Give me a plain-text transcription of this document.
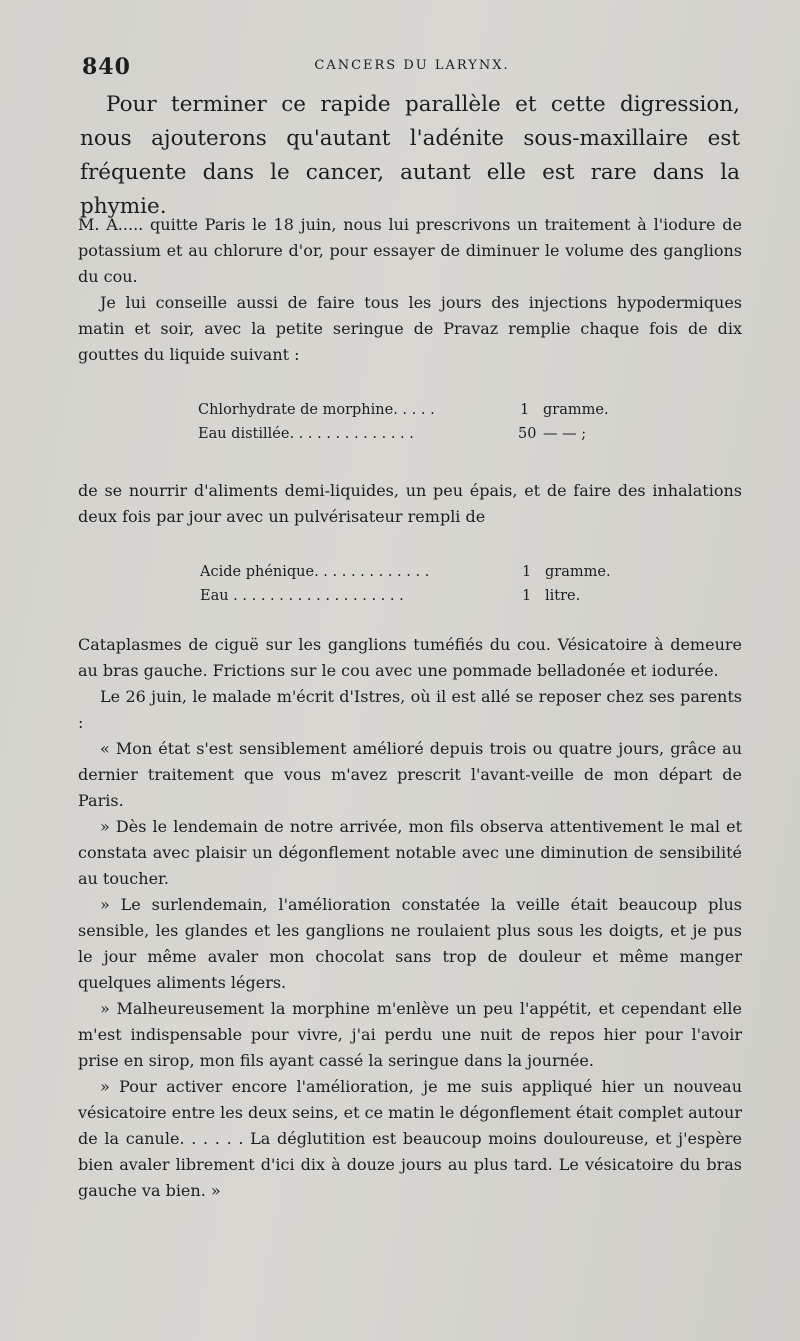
840	CANCERS DU LARYNX.
Pour terminer ce rapide parallèle et cette digression, nous ajouterons qu'autant l'adénite sous-maxillaire est fréquente dans le cancer, autant elle est rare dans la phymie.

M. A..... quitte Paris le 18 juin, nous lui prescrivons un traitement à l'iodure de potassium et au chlorure d'or, pour essayer de diminuer le volume des ganglions du cou.

Je lui conseille aussi de faire tous les jours des injections hypodermiques matin et soir, avec la petite seringue de Pravaz remplie chaque fois de dix gouttes du liquide suivant :

Chlorhydrate de morphine. . . . .	1 gramme.
Eau distillée. . . . . . . . . . . . . .	50 — — ;

de se nourrir d'aliments demi-liquides, un peu épais, et de faire des inhalations deux fois par jour avec un pulvérisateur rempli de

Acide phénique. . . . . . . . . . . . .	1 gramme.
Eau . . . . . . . . . . . . . . . . . . .	1 litre.

Cataplasmes de ciguë sur les ganglions tuméfiés du cou. Vésicatoire à demeure au bras gauche. Frictions sur le cou avec une pommade belladonée et iodurée.

Le 26 juin, le malade m'écrit d'Istres, où il est allé se reposer chez ses parents :

« Mon état s'est sensiblement amélioré depuis trois ou quatre jours, grâce au dernier traitement que vous m'avez prescrit l'avant-veille de mon départ de Paris.

» Dès le lendemain de notre arrivée, mon fils observa attentivement le mal et constata avec plaisir un dégonflement notable avec une diminution de sensibilité au toucher.

» Le surlendemain, l'amélioration constatée la veille était beaucoup plus sensible, les glandes et les ganglions ne roulaient plus sous les doigts, et je pus le jour même avaler mon chocolat sans trop de douleur et même manger quelques aliments légers.

» Malheureusement la morphine m'enlève un peu l'appétit, et cependant elle m'est indispensable pour vivre, j'ai perdu une nuit de repos hier pour l'avoir prise en sirop, mon fils ayant cassé la seringue dans la journée.

» Pour activer encore l'amélioration, je me suis appliqué hier un nouveau vésicatoire entre les deux seins, et ce matin le dégonflement était complet autour de la canule. . . . . . La déglutition est beaucoup moins douloureuse, et j'espère bien avaler librement d'ici dix à douze jours au plus tard. Le vésicatoire du bras gauche va bien. »
